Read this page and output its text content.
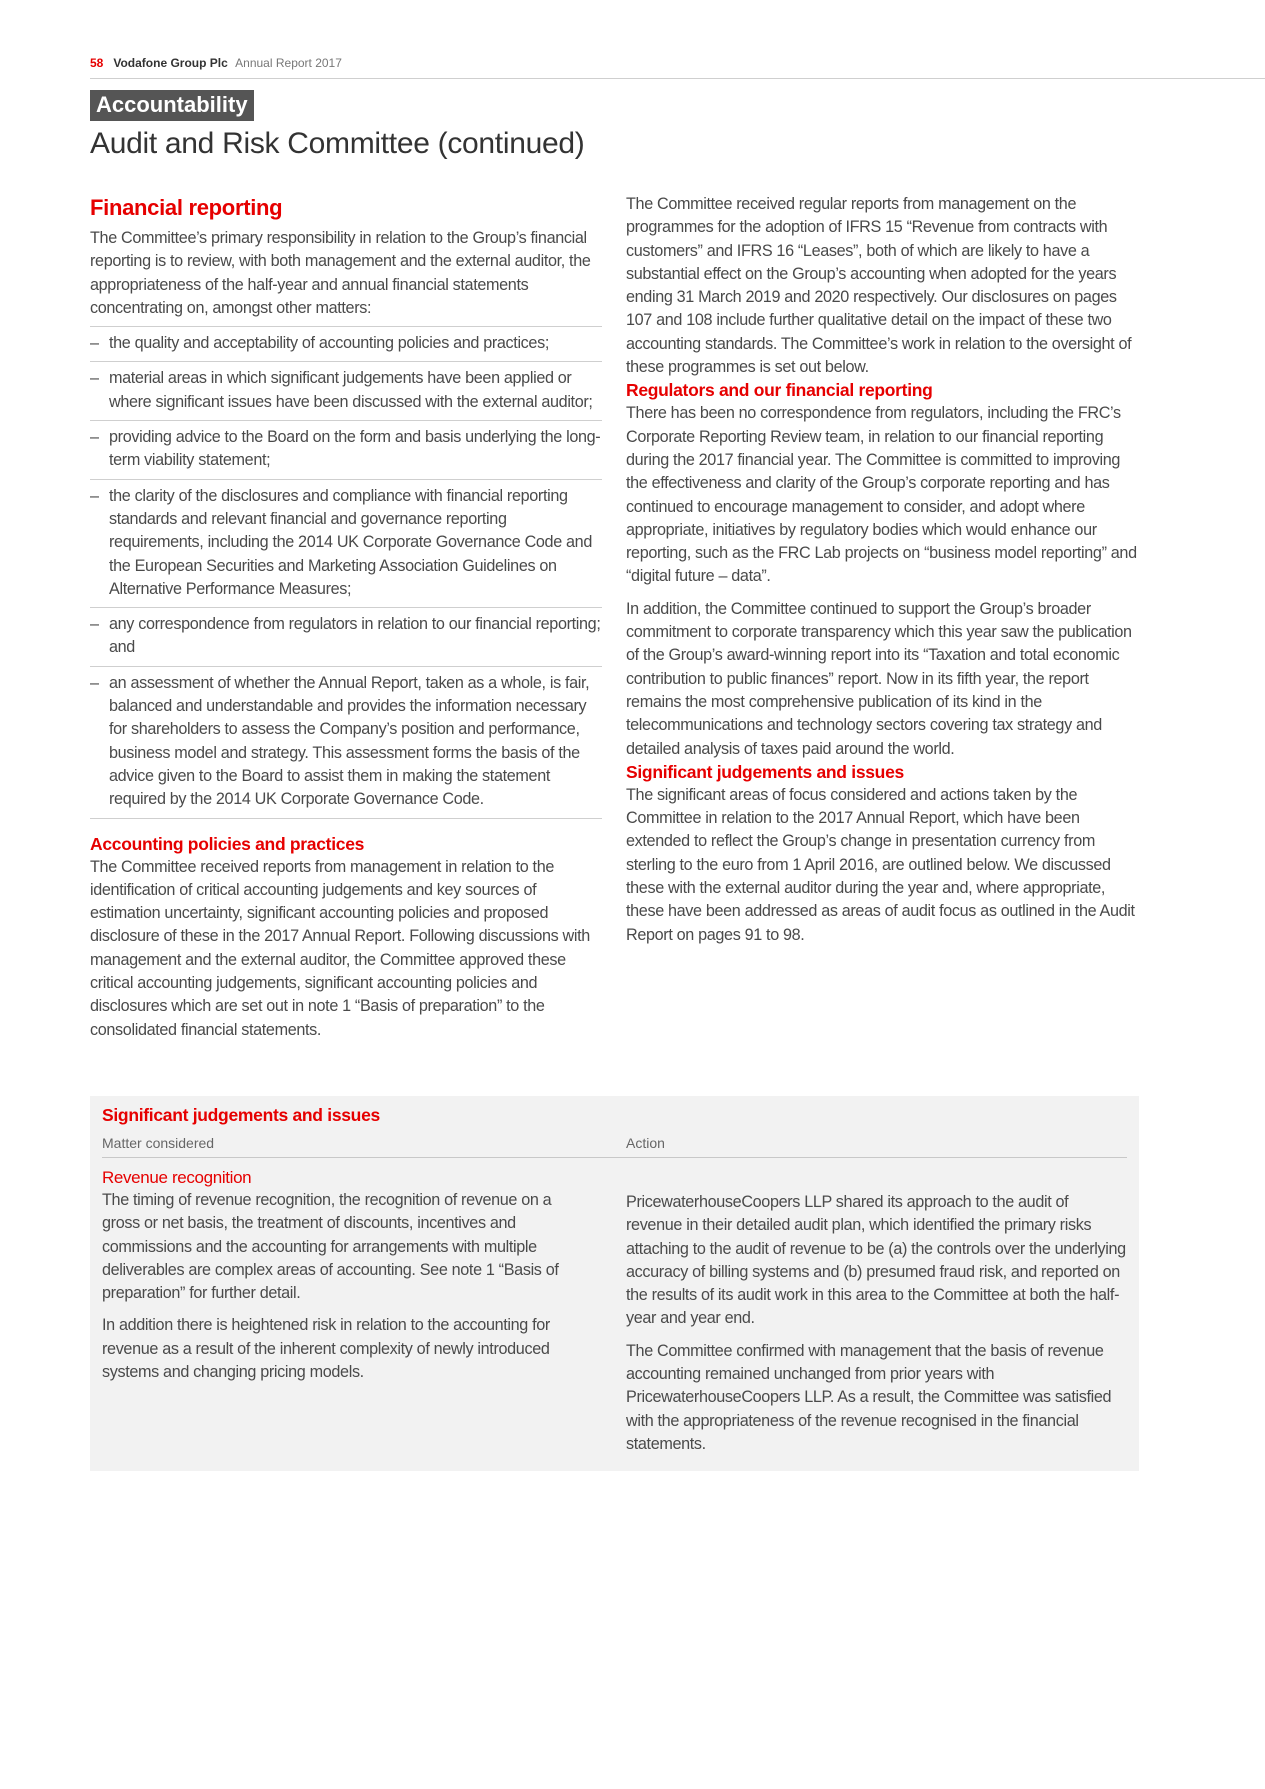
58 Vodafone Group Plc Annual Report 2017
Accountability
Audit and Risk Committee (continued)
Financial reporting

The Committee’s primary responsibility in relation to the Group’s financial reporting is to review, with both management and the external auditor, the appropriateness of the half-year and annual financial statements concentrating on, amongst other matters:

– the quality and acceptability of accounting policies and practices;
– material areas in which significant judgements have been applied or where significant issues have been discussed with the external auditor;
– providing advice to the Board on the form and basis underlying the long-term viability statement;
– the clarity of the disclosures and compliance with financial reporting standards and relevant financial and governance reporting requirements, including the 2014 UK Corporate Governance Code and the European Securities and Marketing Association Guidelines on Alternative Performance Measures;
– any correspondence from regulators in relation to our financial reporting; and
– an assessment of whether the Annual Report, taken as a whole, is fair, balanced and understandable and provides the information necessary for shareholders to assess the Company’s position and performance, business model and strategy. This assessment forms the basis of the advice given to the Board to assist them in making the statement required by the 2014 UK Corporate Governance Code.
Accounting policies and practices

The Committee received reports from management in relation to the identification of critical accounting judgements and key sources of estimation uncertainty, significant accounting policies and proposed disclosure of these in the 2017 Annual Report. Following discussions with management and the external auditor, the Committee approved these critical accounting judgements, significant accounting policies and disclosures which are set out in note 1 “Basis of preparation” to the consolidated financial statements.

The Committee received regular reports from management on the programmes for the adoption of IFRS 15 “Revenue from contracts with customers” and IFRS 16 “Leases”, both of which are likely to have a substantial effect on the Group’s accounting when adopted for the years ending 31 March 2019 and 2020 respectively. Our disclosures on pages 107 and 108 include further qualitative detail on the impact of these two accounting standards. The Committee’s work in relation to the oversight of these programmes is set out below.

Regulators and our financial reporting

There has been no correspondence from regulators, including the FRC’s Corporate Reporting Review team, in relation to our financial reporting during the 2017 financial year. The Committee is committed to improving the effectiveness and clarity of the Group’s corporate reporting and has continued to encourage management to consider, and adopt where appropriate, initiatives by regulatory bodies which would enhance our reporting, such as the FRC Lab projects on “business model reporting” and “digital future – data”.

In addition, the Committee continued to support the Group’s broader commitment to corporate transparency which this year saw the publication of the Group’s award-winning report into its “Taxation and total economic contribution to public finances” report. Now in its fifth year, the report remains the most comprehensive publication of its kind in the telecommunications and technology sectors covering tax strategy and detailed analysis of taxes paid around the world.

Significant judgements and issues

The significant areas of focus considered and actions taken by the Committee in relation to the 2017 Annual Report, which have been extended to reflect the Group’s change in presentation currency from sterling to the euro from 1 April 2016, are outlined below. We discussed these with the external auditor during the year and, where appropriate, these have been addressed as areas of audit focus as outlined in the Audit Report on pages 91 to 98.

Significant judgements and issues
Matter considered	Action
Revenue recognition

The timing of revenue recognition, the recognition of revenue on a gross or net basis, the treatment of discounts, incentives and commissions and the accounting for arrangements with multiple deliverables are complex areas of accounting. See note 1 “Basis of preparation” for further detail.

In addition there is heightened risk in relation to the accounting for revenue as a result of the inherent complexity of newly introduced systems and changing pricing models.

PricewaterhouseCoopers LLP shared its approach to the audit of revenue in their detailed audit plan, which identified the primary risks attaching to the audit of revenue to be (a) the controls over the underlying accuracy of billing systems and (b) presumed fraud risk, and reported on the results of its audit work in this area to the Committee at both the half-year and year end.

The Committee confirmed with management that the basis of revenue accounting remained unchanged from prior years with PricewaterhouseCoopers LLP. As a result, the Committee was satisfied with the appropriateness of the revenue recognised in the financial statements.
